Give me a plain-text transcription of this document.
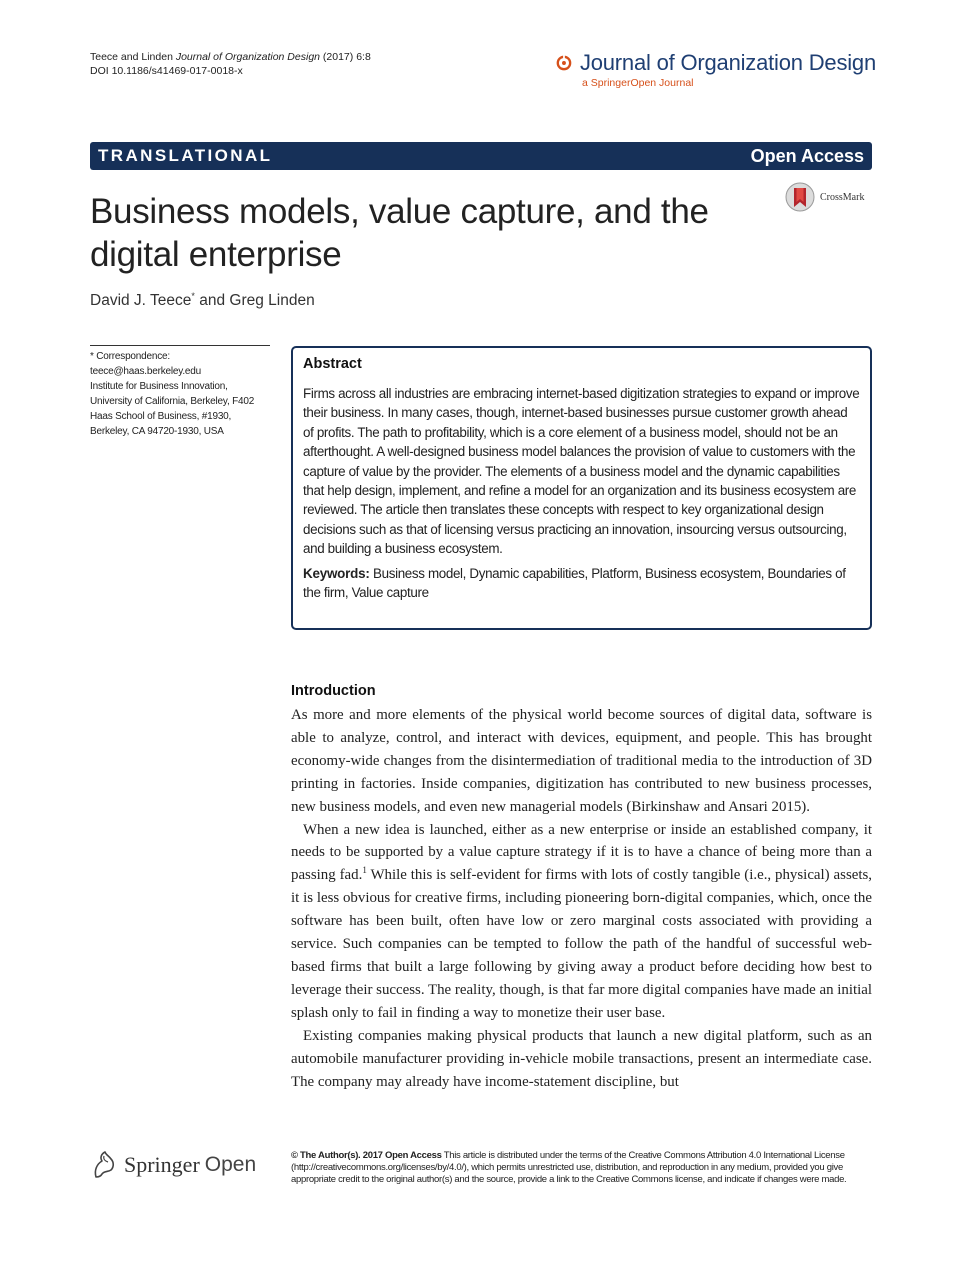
Teece and Linden Journal of Organization Design (2017) 6:8
DOI 10.1186/s41469-017-0018-x	Journal of Organization Design
a SpringerOpen Journal
TRANSLATIONAL	Open Access
CrossMark
Business models, value capture, and the digital enterprise
David J. Teece* and Greg Linden
* Correspondence:
teece@haas.berkeley.edu
Institute for Business Innovation, University of California, Berkeley, F402 Haas School of Business, #1930, Berkeley, CA 94720-1930, USA
Abstract
Firms across all industries are embracing internet-based digitization strategies to expand or improve their business. In many cases, though, internet-based businesses pursue customer growth ahead of profits. The path to profitability, which is a core element of a business model, should not be an afterthought. A well-designed business model balances the provision of value to customers with the capture of value by the provider. The elements of a business model and the dynamic capabilities that help design, implement, and refine a model for an organization and its business ecosystem are reviewed. The article then translates these concepts with respect to key organizational design decisions such as that of licensing versus practicing an innovation, insourcing versus outsourcing, and building a business ecosystem.
Keywords: Business model, Dynamic capabilities, Platform, Business ecosystem, Boundaries of the firm, Value capture
Introduction

As more and more elements of the physical world become sources of digital data, software is able to analyze, control, and interact with devices, equipment, and people. This has brought economy-wide changes from the disintermediation of traditional media to the introduction of 3D printing in factories. Inside companies, digitization has contributed to new business processes, new business models, and even new managerial models (Birkinshaw and Ansari 2015).

When a new idea is launched, either as a new enterprise or inside an established company, it needs to be supported by a value capture strategy if it is to have a chance of being more than a passing fad.$^1$ While this is self-evident for firms with lots of costly tangible (i.e., physical) assets, it is less obvious for creative firms, including pioneering born-digital companies, which, once the software has been built, often have low or zero marginal costs associated with providing a service. Such companies can be tempted to follow the path of the handful of successful web-based firms that built a large following by giving away a product before deciding how best to leverage their success. The reality, though, is that far more digital companies have made an initial splash only to fail in finding a way to monetize their user base.

Existing companies making physical products that launch a new digital platform, such as an automobile manufacturer providing in-vehicle mobile transactions, present an intermediate case. The company may already have income-statement discipline, but

Springer Open	© The Author(s). 2017 Open Access This article is distributed under the terms of the Creative Commons Attribution 4.0 International License (http://creativecommons.org/licenses/by/4.0/), which permits unrestricted use, distribution, and reproduction in any medium, provided you give appropriate credit to the original author(s) and the source, provide a link to the Creative Commons license, and indicate if changes were made.
